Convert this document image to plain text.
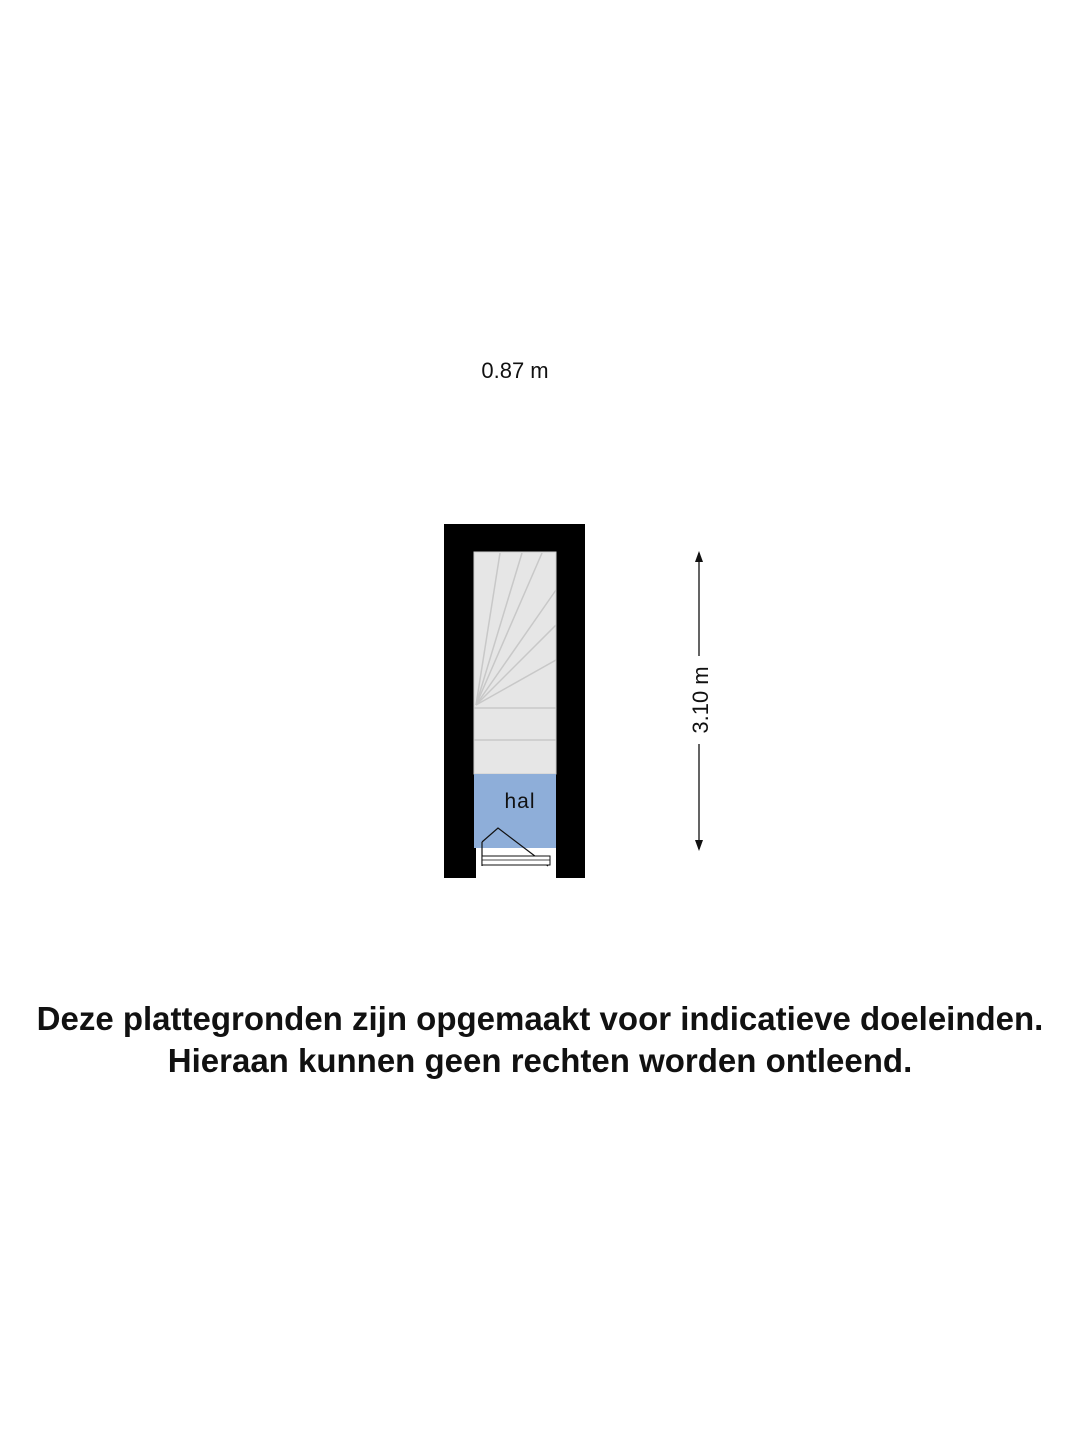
0.87 m
hal
3.10 m
Deze plattegronden zijn opgemaakt voor indicatieve doeleinden.
Hieraan kunnen geen rechten worden ontleend.
